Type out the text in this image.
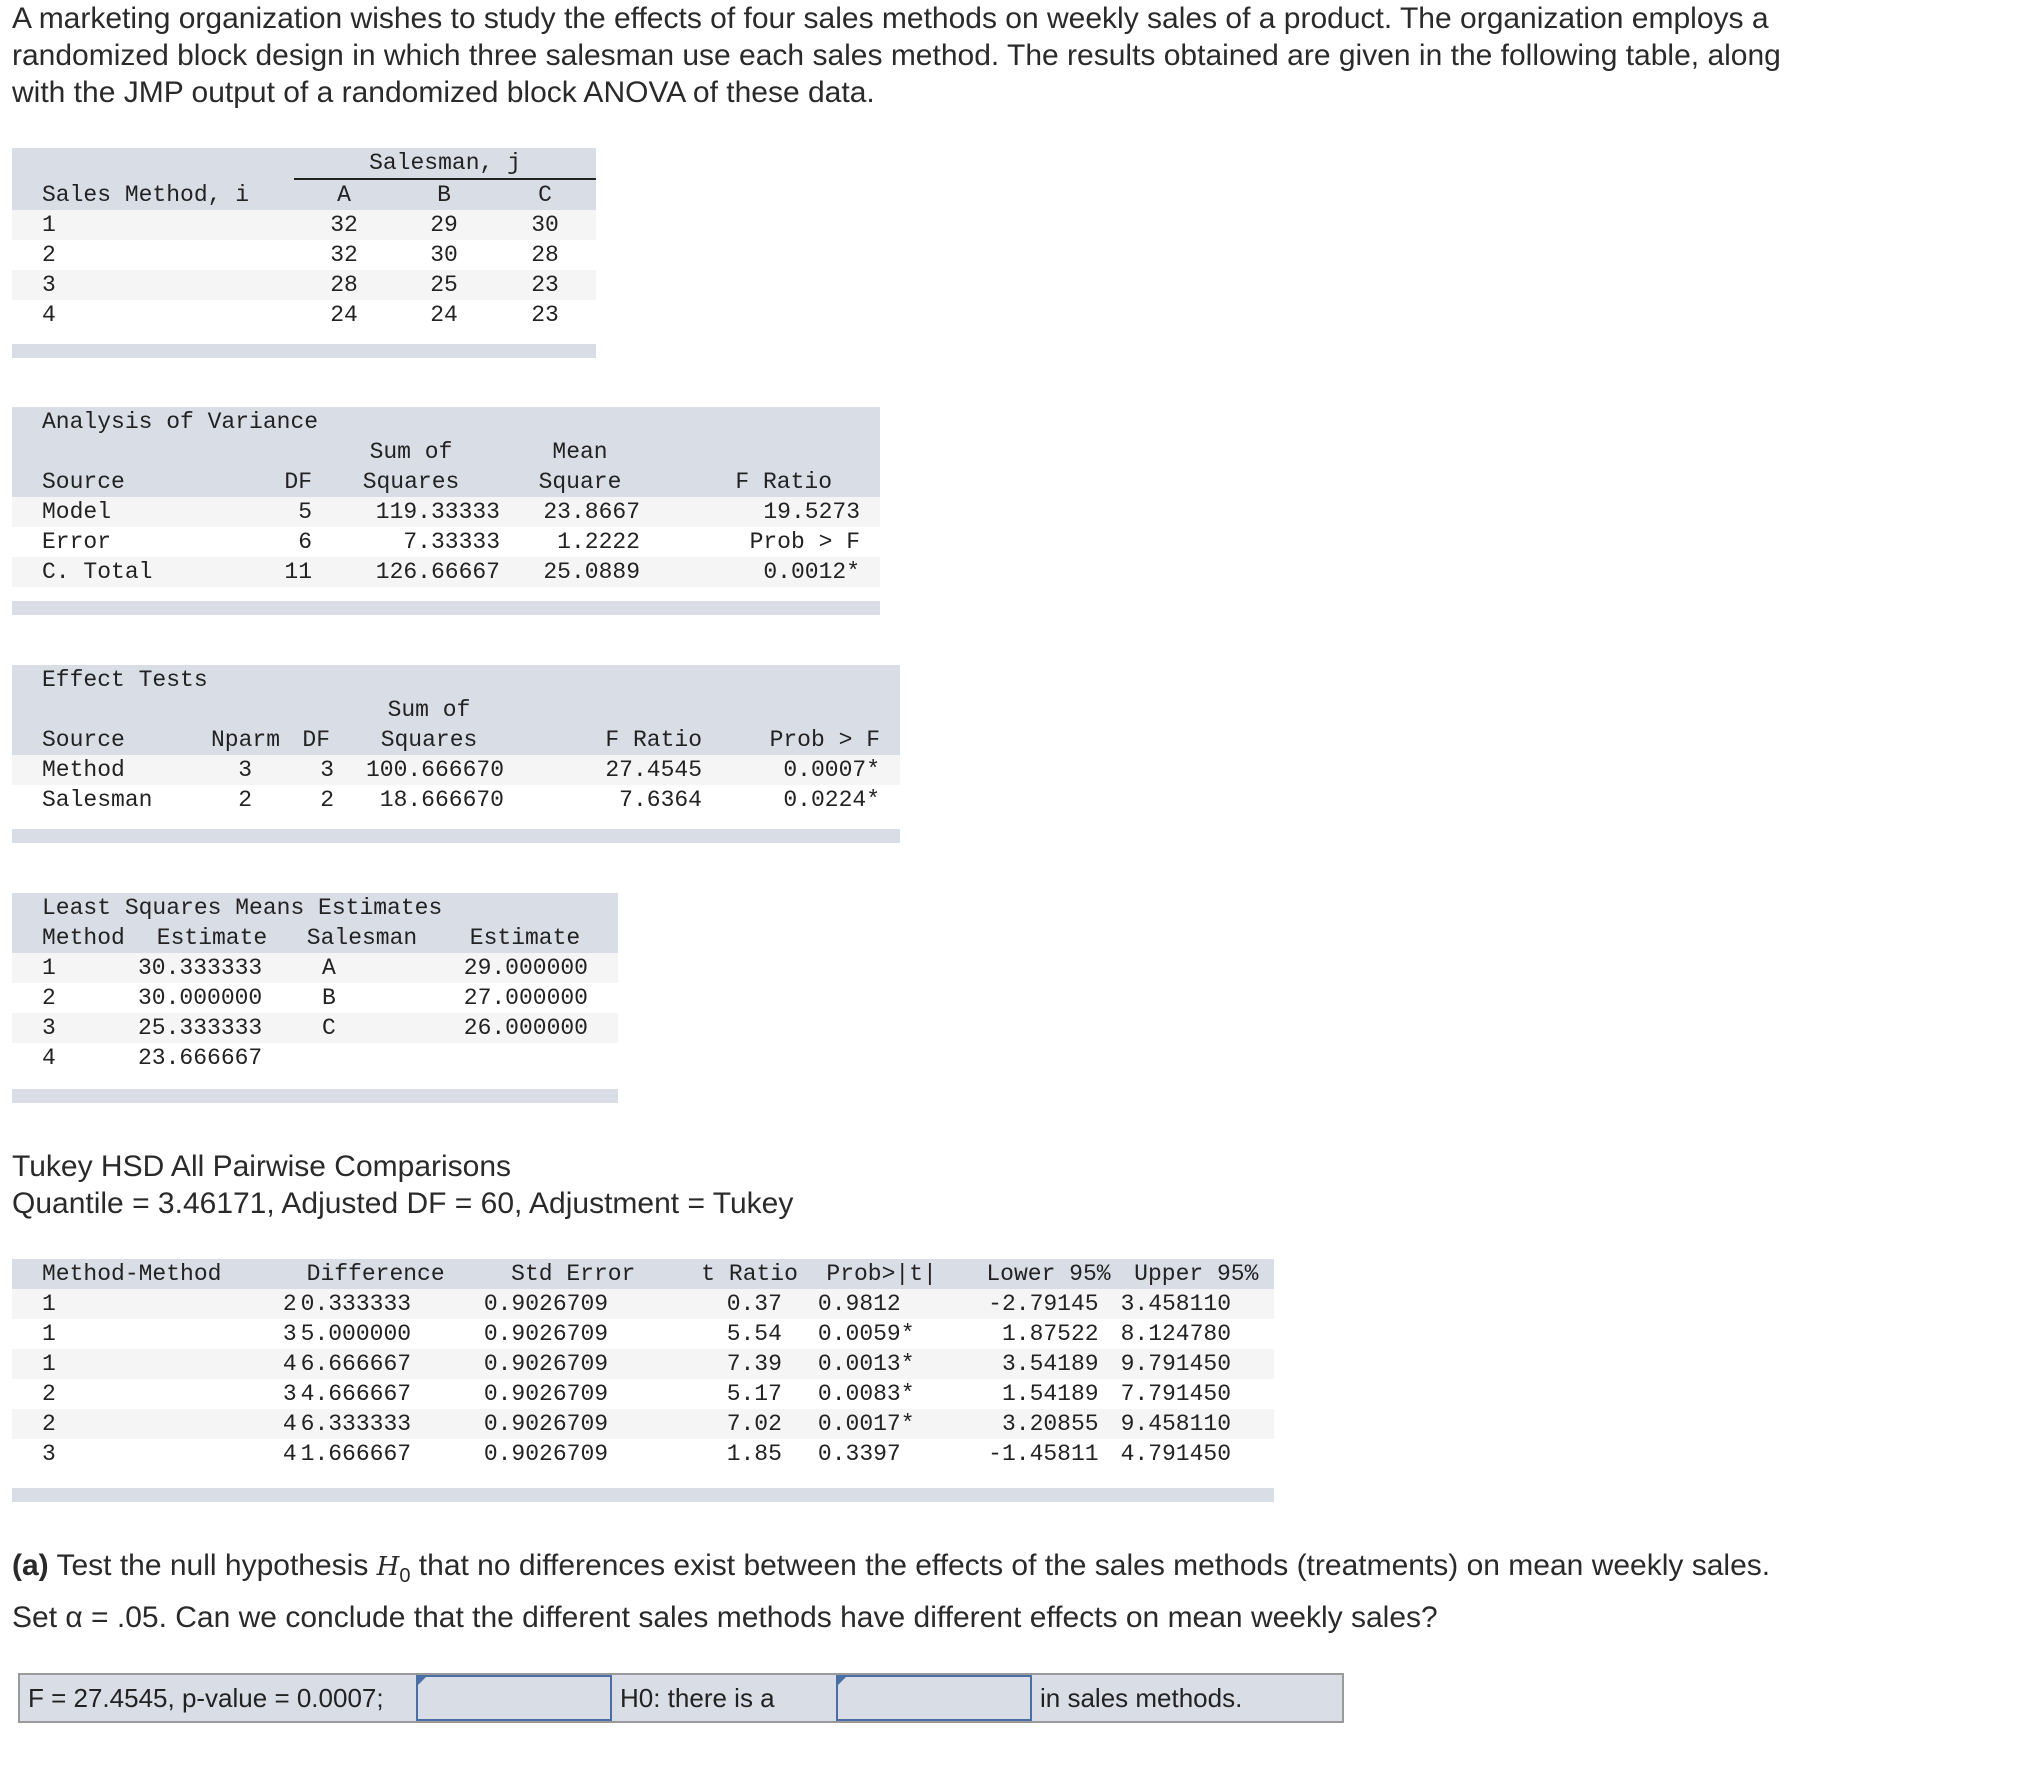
A marketing organization wishes to study the effects of four sales methods on weekly sales of a product. The organization employs a
randomized block design in which three salesman use each sales method. The results obtained are given in the following table, along
with the JMP output of a randomized block ANOVA of these data.
	Salesman, j		
Sales Method, i	A	B	C
1	32	29	30
2	32	30	28
3	28	25	23
4	24	24	23
Analysis of Variance				
		Sum of	Mean	
Source	DF	Squares	Square	F Ratio
Model	5	119.33333	23.8667	19.5273
Error	6	7.33333	1.2222	Prob > F
C. Total	11	126.66667	25.0889	0.0012*
Effect Tests					
			Sum of		
Source	Nparm	DF	Squares	F Ratio	Prob > F
Method	3	3	100.666670	27.4545	0.0007*
Salesman	2	2	18.666670	7.6364	0.0224*
Least Squares Means Estimates			
Method	Estimate	Salesman	Estimate
1	30.333333	A	29.000000
2	30.000000	B	27.000000
3	25.333333	C	26.000000
4	23.666667		
Tukey HSD All Pairwise Comparisons
Quantile = 3.46171, Adjusted DF = 60, Adjustment = Tukey
Method	-Method	Difference	Std Error	t Ratio	Prob>|t|	Lower 95%	Upper 95%
1	2	0.333333	0.9026709	0.37	0.9812	-2.79145	3.458110
1	3	5.000000	0.9026709	5.54	0.0059*	1.87522	8.124780
1	4	6.666667	0.9026709	7.39	0.0013*	3.54189	9.791450
2	3	4.666667	0.9026709	5.17	0.0083*	1.54189	7.791450
2	4	6.333333	0.9026709	7.02	0.0017*	3.20855	9.458110
3	4	1.666667	0.9026709	1.85	0.3397	-1.45811	4.791450
(a) Test the null hypothesis $H_0$ that no differences exist between the effects of the sales methods (treatments) on mean weekly sales.
Set α = .05. Can we conclude that the different sales methods have different effects on mean weekly sales?
F = 27.4545, p-value = 0.0007;	H0: there is a	in sales methods.
